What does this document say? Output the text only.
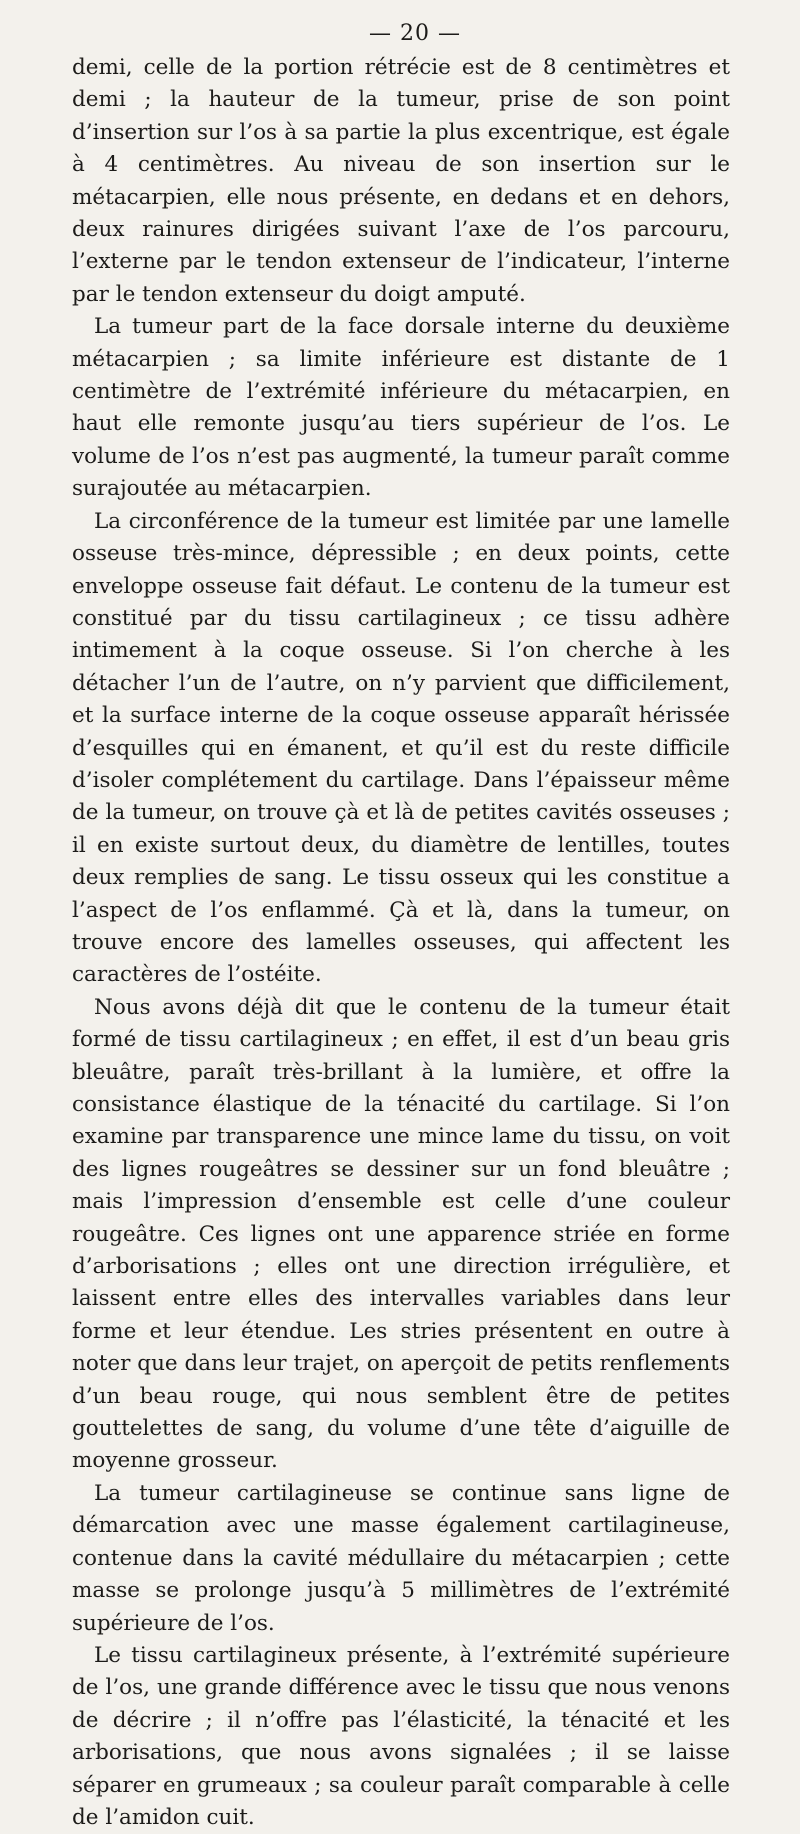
— 20 —

demi, celle de la portion rétrécie est de 8 centimètres et demi ; la hauteur de la tumeur, prise de son point d’insertion sur l’os à sa partie la plus excentrique, est égale à 4 centimètres. Au niveau de son insertion sur le métacarpien, elle nous présente, en dedans et en dehors, deux rainures dirigées suivant l’axe de l’os parcouru, l’externe par le tendon extenseur de l’indicateur, l’interne par le tendon extenseur du doigt amputé.

La tumeur part de la face dorsale interne du deuxième métacarpien ; sa limite inférieure est distante de 1 centimètre de l’extrémité inférieure du métacarpien, en haut elle remonte jusqu’au tiers supérieur de l’os. Le volume de l’os n’est pas augmenté, la tumeur paraît comme surajoutée au métacarpien.

La circonférence de la tumeur est limitée par une lamelle osseuse très-mince, dépressible ; en deux points, cette enveloppe osseuse fait défaut. Le contenu de la tumeur est constitué par du tissu cartilagineux ; ce tissu adhère intimement à la coque osseuse. Si l’on cherche à les détacher l’un de l’autre, on n’y parvient que difficilement, et la surface interne de la coque osseuse apparaît hérissée d’esquilles qui en émanent, et qu’il est du reste difficile d’isoler complétement du cartilage. Dans l’épaisseur même de la tumeur, on trouve çà et là de petites cavités osseuses ; il en existe surtout deux, du diamètre de lentilles, toutes deux remplies de sang. Le tissu osseux qui les constitue a l’aspect de l’os enflammé. Çà et là, dans la tumeur, on trouve encore des lamelles osseuses, qui affectent les caractères de l’ostéite.

Nous avons déjà dit que le contenu de la tumeur était formé de tissu cartilagineux ; en effet, il est d’un beau gris bleuâtre, paraît très-brillant à la lumière, et offre la consistance élastique de la ténacité du cartilage. Si l’on examine par transparence une mince lame du tissu, on voit des lignes rougeâtres se dessiner sur un fond bleuâtre ; mais l’impression d’ensemble est celle d’une couleur rougeâtre. Ces lignes ont une apparence striée en forme d’arborisations ; elles ont une direction irrégulière, et laissent entre elles des intervalles variables dans leur forme et leur étendue. Les stries présentent en outre à noter que dans leur trajet, on aperçoit de petits renflements d’un beau rouge, qui nous semblent être de petites gouttelettes de sang, du volume d’une tête d’aiguille de moyenne grosseur.

La tumeur cartilagineuse se continue sans ligne de démarcation avec une masse également cartilagineuse, contenue dans la cavité médullaire du métacarpien ; cette masse se prolonge jusqu’à 5 millimètres de l’extrémité supérieure de l’os.

Le tissu cartilagineux présente, à l’extrémité supérieure de l’os, une grande différence avec le tissu que nous venons de décrire ; il n’offre pas l’élasticité, la ténacité et les arborisations, que nous avons signalées ; il se laisse séparer en grumeaux ; sa couleur paraît comparable à celle de l’amidon cuit.
